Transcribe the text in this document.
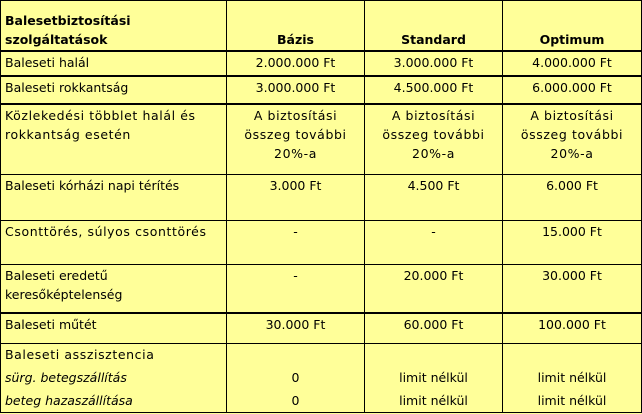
Balesetbiztosítási szolgáltatások	Bázis	Standard	Optimum
Baleseti halál	2.000.000 Ft	3.000.000 Ft	4.000.000 Ft
Baleseti rokkantság	3.000.000 Ft	4.500.000 Ft	6.000.000 Ft
Közlekedési többlet halál és rokkantság esetén	A biztosítási összeg további 20%-a	A biztosítási összeg további 20%-a	A biztosítási összeg további 20%-a
Baleseti kórházi napi térítés	3.000 Ft	4.500 Ft	6.000 Ft
Csonttörés, súlyos csonttörés	-	-	15.000 Ft
Baleseti eredetű keresőképtelenség	-	20.000 Ft	30.000 Ft
Baleseti műtét	30.000 Ft	60.000 Ft	100.000 Ft
Baleseti asszisztencia			
sürg. betegszállítás	0	limit nélkül	limit nélkül
beteg hazaszállítása	0	limit nélkül	limit nélkül
